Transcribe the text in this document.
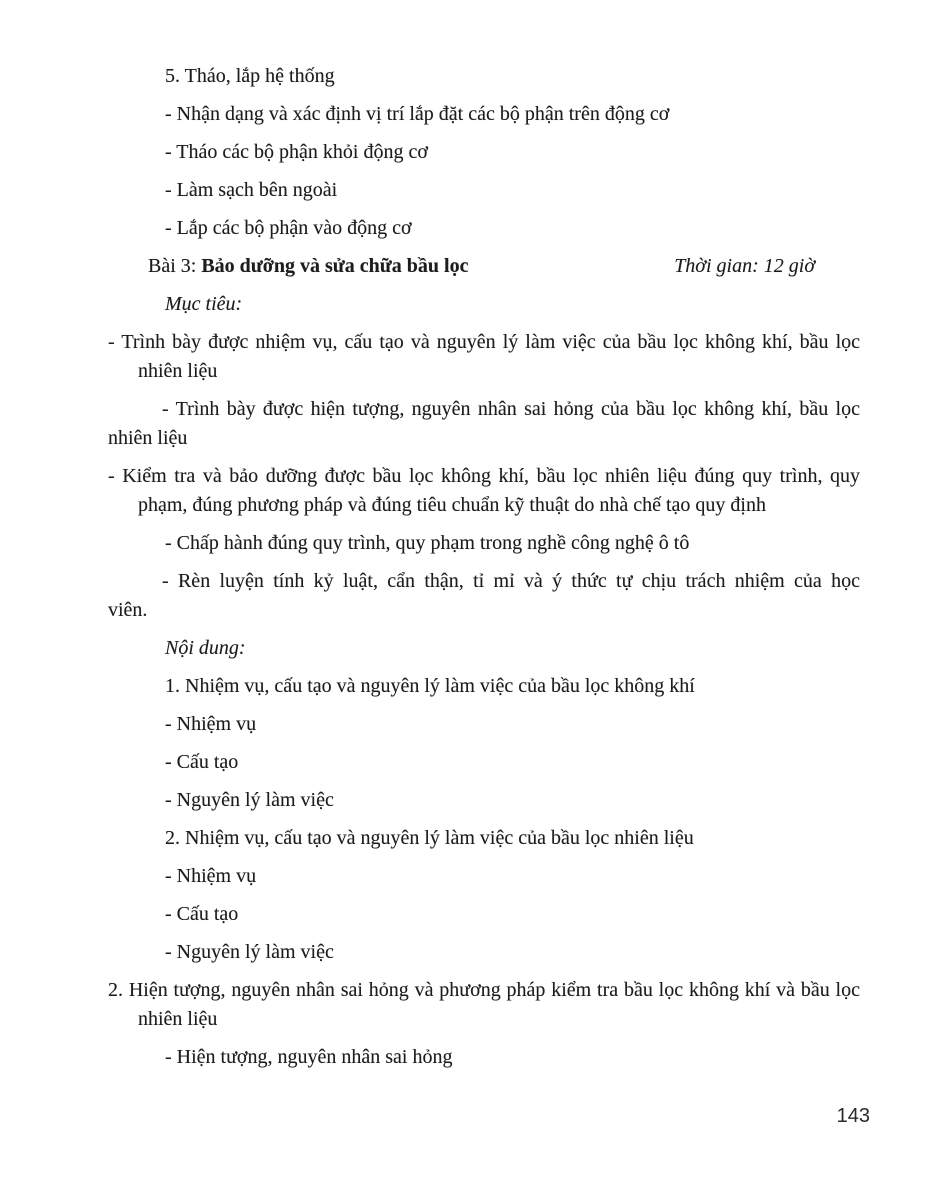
5. Tháo, lắp hệ thống
- Nhận dạng và xác định vị trí lắp đặt các bộ phận trên động cơ
- Tháo các bộ phận khỏi động cơ
- Làm sạch bên ngoài
- Lắp các bộ phận vào động cơ
Bài 3: Bảo dưỡng và sửa chữa bầu lọc	Thời gian: 12 giờ
Mục tiêu:
- Trình bày được nhiệm vụ, cấu tạo và nguyên lý làm việc của bầu lọc không khí, bầu lọc
nhiên liệu
- Trình bày được hiện tượng, nguyên nhân sai hỏng của bầu lọc không khí, bầu lọc
nhiên liệu
- Kiểm tra và bảo dưỡng được bầu lọc không khí, bầu lọc nhiên liệu đúng quy trình, quy
phạm, đúng phương pháp và đúng tiêu chuẩn kỹ thuật do nhà chế tạo quy định
- Chấp hành đúng quy trình, quy phạm trong nghề công nghệ ô tô
- Rèn luyện tính kỷ luật, cẩn thận, tỉ mỉ và ý thức tự chịu trách nhiệm của học
viên.
Nội dung:
1. Nhiệm vụ, cấu tạo và nguyên lý làm việc của bầu lọc không khí
- Nhiệm vụ
- Cấu tạo
- Nguyên lý làm việc
2. Nhiệm vụ, cấu tạo và nguyên lý làm việc của bầu lọc nhiên liệu
- Nhiệm vụ
- Cấu tạo
- Nguyên lý làm việc
2. Hiện tượng, nguyên nhân sai hỏng và phương pháp kiểm tra bầu lọc không khí và bầu lọc
nhiên liệu
- Hiện tượng, nguyên nhân sai hỏng
143
